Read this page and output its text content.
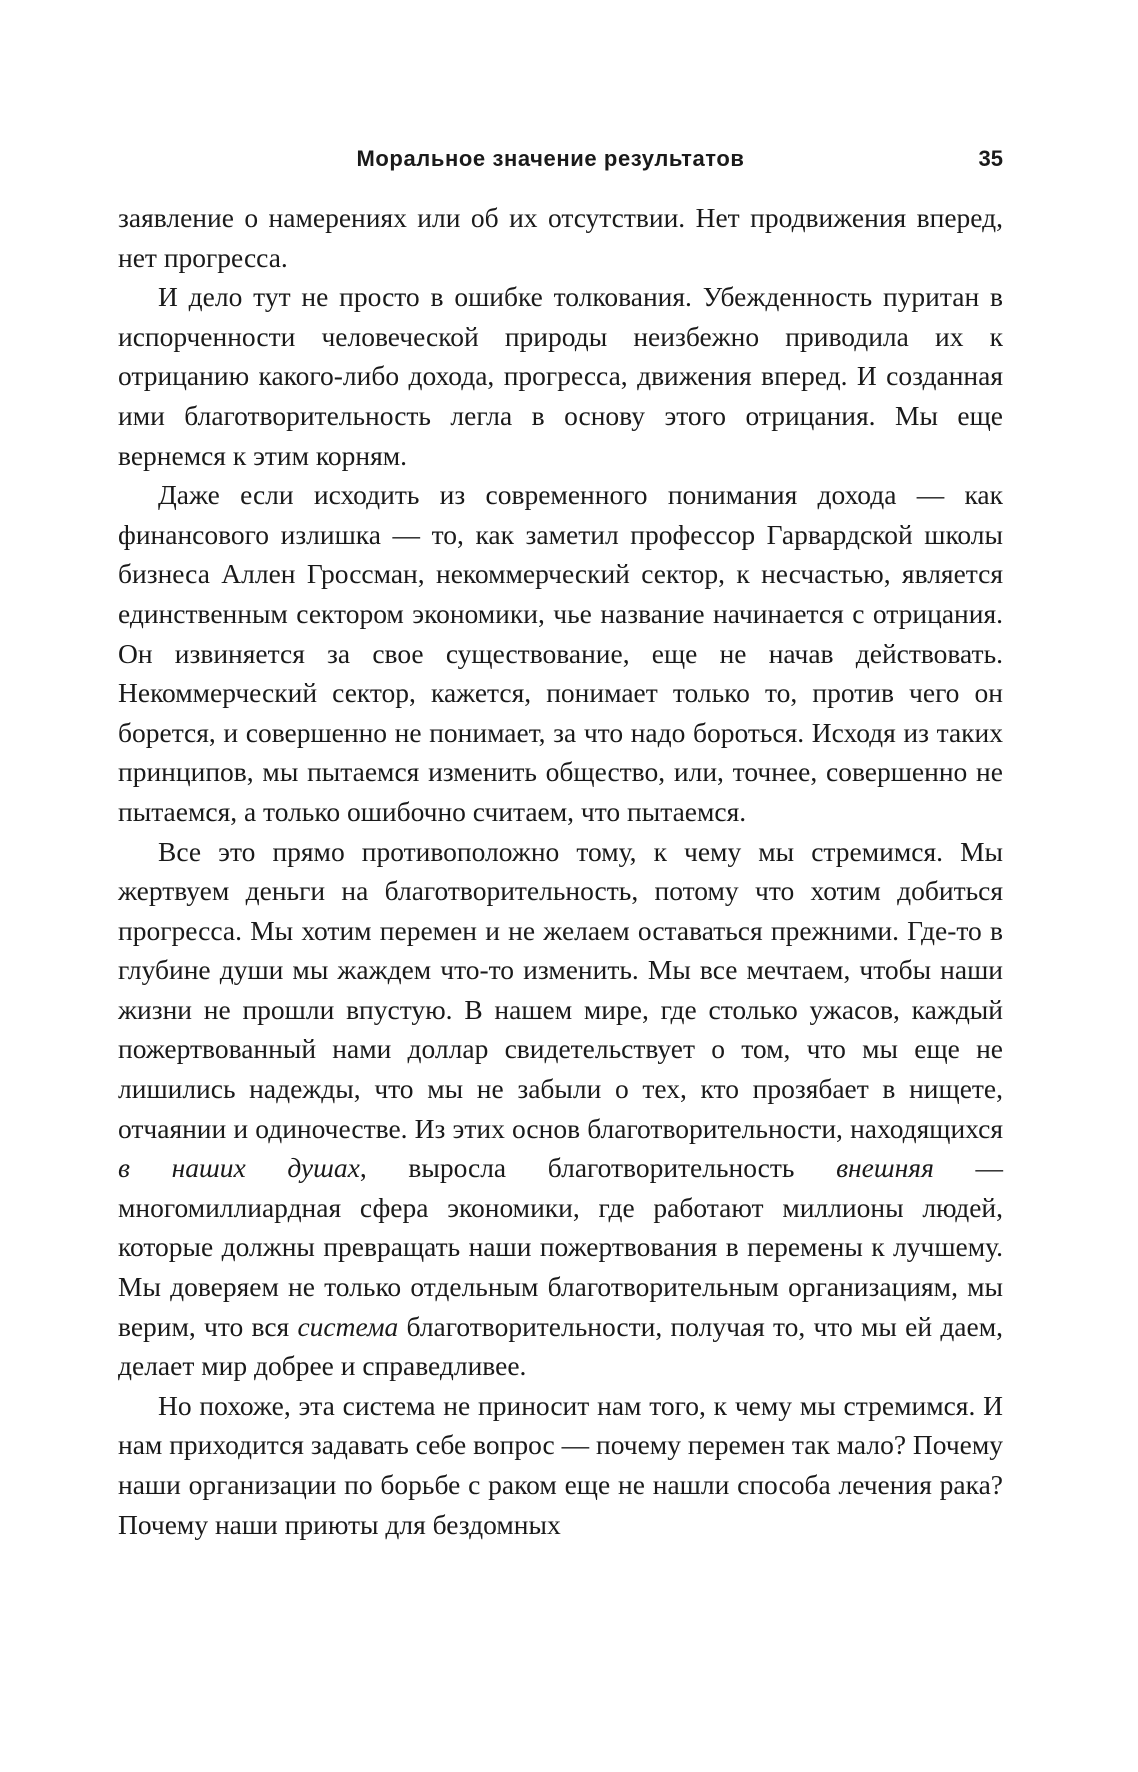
Моральное значение результатов	35

заявление о намерениях или об их отсутствии. Нет продвижения вперед, нет прогресса.

И дело тут не просто в ошибке толкования. Убежденность пуритан в испорченности человеческой природы неизбежно приводила их к отрицанию какого-либо дохода, прогресса, движения вперед. И созданная ими благотворительность легла в основу этого отрицания. Мы еще вернемся к этим корням.

Даже если исходить из современного понимания дохода — как финансового излишка — то, как заметил профессор Гарвардской школы бизнеса Аллен Гроссман, некоммерческий сектор, к несчастью, является единственным сектором экономики, чье название начинается с отрицания. Он извиняется за свое существование, еще не начав действовать. Некоммерческий сектор, кажется, понимает только то, против чего он борется, и совершенно не понимает, за что надо бороться. Исходя из таких принципов, мы пытаемся изменить общество, или, точнее, совершенно не пытаемся, а только ошибочно считаем, что пытаемся.

Все это прямо противоположно тому, к чему мы стремимся. Мы жертвуем деньги на благотворительность, потому что хотим добиться прогресса. Мы хотим перемен и не желаем оставаться прежними. Где-то в глубине души мы жаждем что-то изменить. Мы все мечтаем, чтобы наши жизни не прошли впустую. В нашем мире, где столько ужасов, каждый пожертвованный нами доллар свидетельствует о том, что мы еще не лишились надежды, что мы не забыли о тех, кто прозябает в нищете, отчаянии и одиночестве. Из этих основ благотворительности, находящихся в наших душах, выросла благотворительность внешняя — многомиллиардная сфера экономики, где работают миллионы людей, которые должны превращать наши пожертвования в перемены к лучшему. Мы доверяем не только отдельным благотворительным организациям, мы верим, что вся система благотворительности, получая то, что мы ей даем, делает мир добрее и справедливее.

Но похоже, эта система не приносит нам того, к чему мы стремимся. И нам приходится задавать себе вопрос — почему перемен так мало? Почему наши организации по борьбе с раком еще не нашли способа лечения рака? Почему наши приюты для бездомных
